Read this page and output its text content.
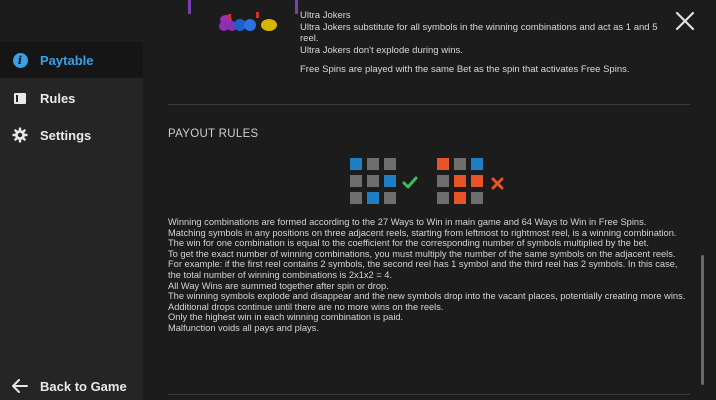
i	Paytable
Rules
Settings
Back to Game

Ultra Jokers

Ultra Jokers substitute for all symbols in the winning combinations and act as 1 and 5 reel.

Ultra Jokers don't explode during wins.

Free Spins are played with the same Bet as the spin that activates Free Spins.

PAYOUT RULES

Winning combinations are formed according to the 27 Ways to Win in main game and 64 Ways to Win in Free Spins.

Matching symbols in any positions on three adjacent reels, starting from leftmost to rightmost reel, is a winning combination.

The win for one combination is equal to the coefficient for the corresponding number of symbols multiplied by the bet.

To get the exact number of winning combinations, you must multiply the number of the same symbols on the adjacent reels. For example: if the first reel contains 2 symbols, the second reel has 1 symbol and the third reel has 2 symbols. In this case, the total number of winning combinations is 2x1x2 = 4.

All Way Wins are summed together after spin or drop.

The winning symbols explode and disappear and the new symbols drop into the vacant places, potentially creating more wins.

Additional drops continue until there are no more wins on the reels.

Only the highest win in each winning combination is paid.

Malfunction voids all pays and plays.
